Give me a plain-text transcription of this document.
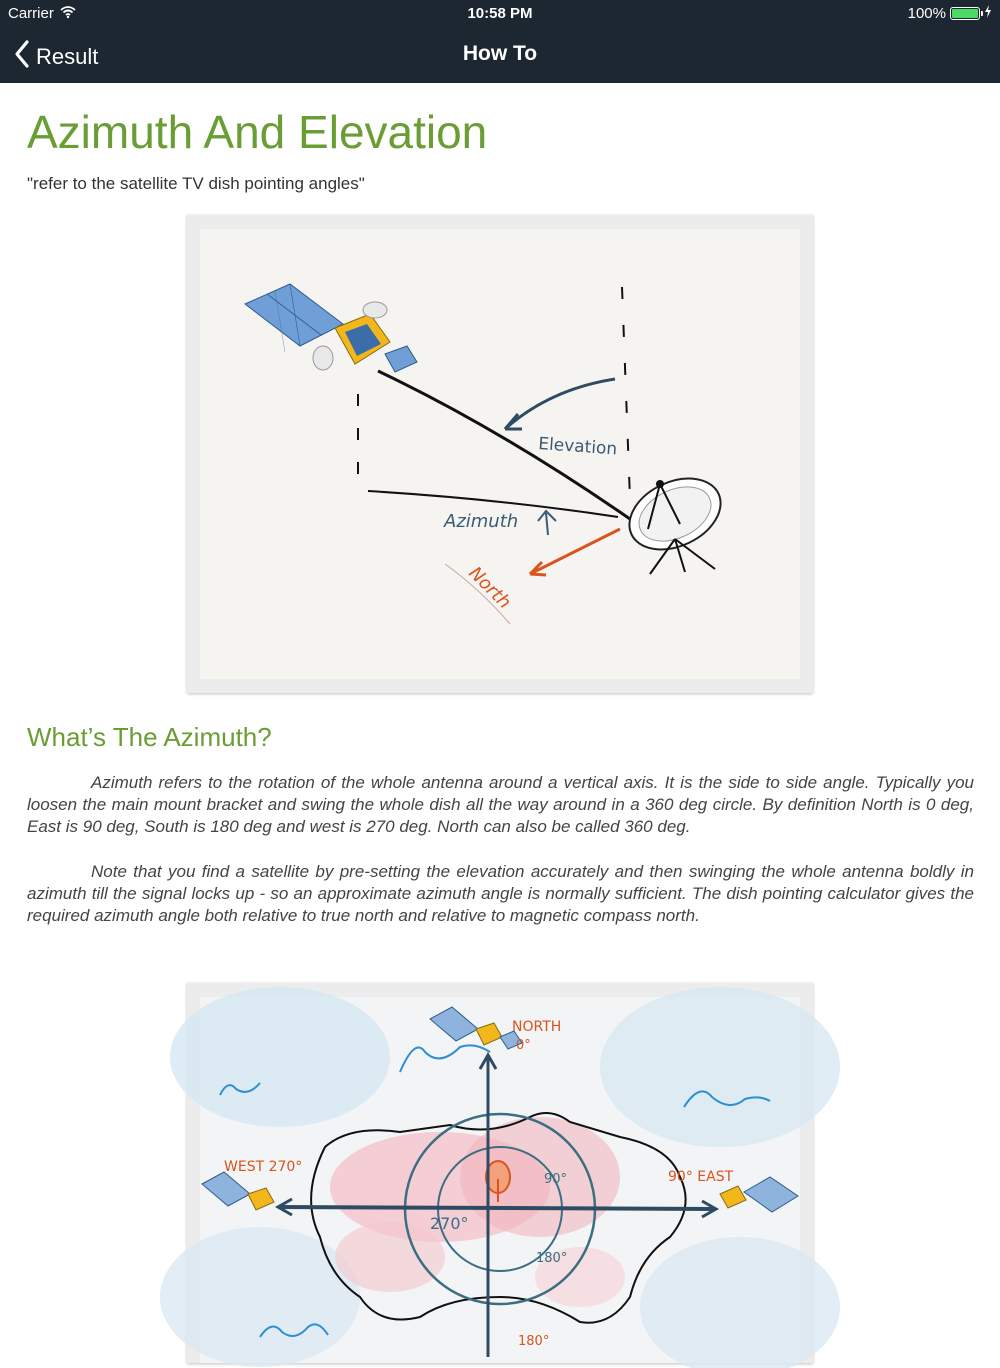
Carrier	10:58 PM	100%
Result	How To
Azimuth And Elevation
"refer to the satellite TV dish pointing angles"
Elevation
Azimuth
North
What’s The Azimuth?

Azimuth refers to the rotation of the whole antenna around a vertical axis. It is the side to side angle. Typically you loosen the main mount bracket and swing the whole dish all the way around in a 360 deg circle. By definition North is 0 deg, East is 90 deg, South is 180 deg and west is 270 deg. North can also be called 360 deg.

Note that you find a satellite by pre-setting the elevation accurately and then swinging the whole antenna boldly in azimuth till the signal locks up - so an approximate azimuth angle is normally sufficient. The dish pointing calculator gives the required azimuth angle both relative to true north and relative to magnetic compass north.

NORTH
0°
WEST 270°
90° EAST
90°
270°
180°
180°
